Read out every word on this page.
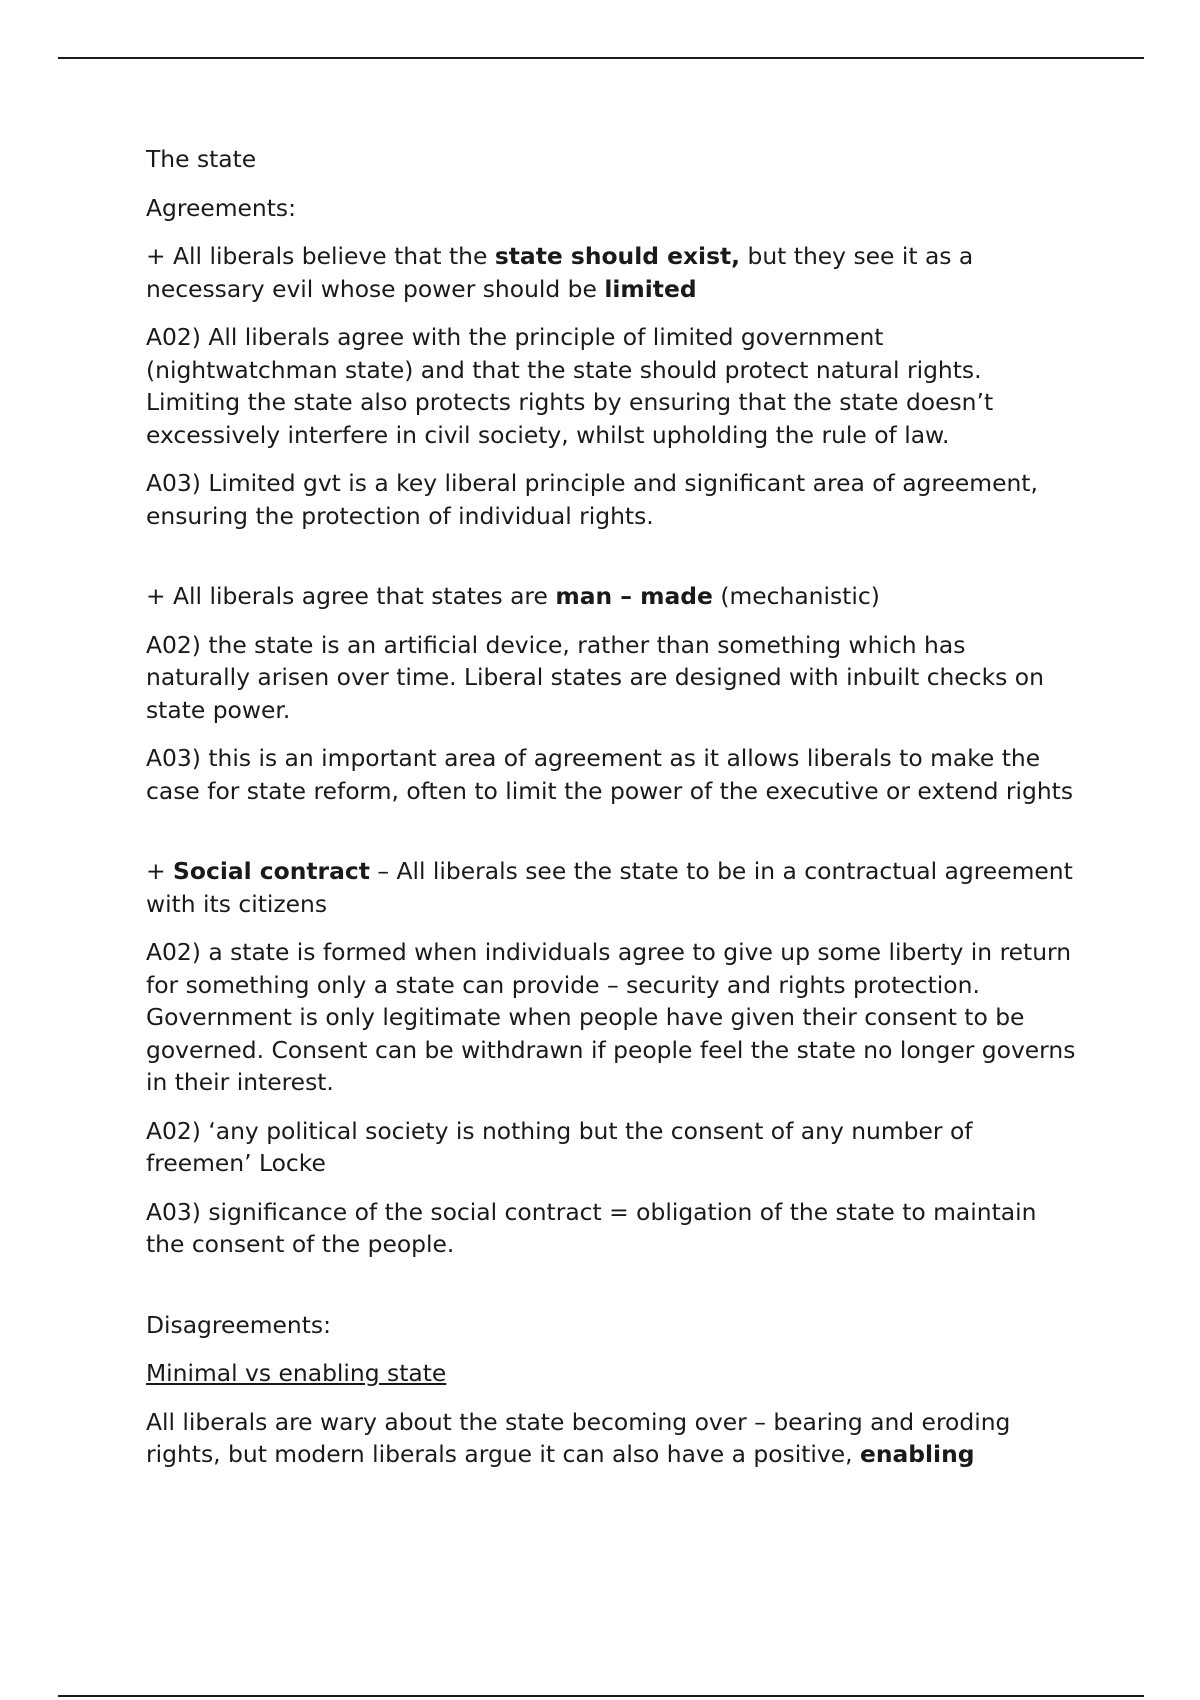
The state

Agreements:

+ All liberals believe that the state should exist, but they see it as a necessary evil whose power should be limited

A02) All liberals agree with the principle of limited government (nightwatchman state) and that the state should protect natural rights. Limiting the state also protects rights by ensuring that the state doesn’t excessively interfere in civil society, whilst upholding the rule of law.

A03) Limited gvt is a key liberal principle and significant area of agreement, ensuring the protection of individual rights.

+ All liberals agree that states are man – made (mechanistic)

A02) the state is an artificial device, rather than something which has naturally arisen over time. Liberal states are designed with inbuilt checks on state power.

A03) this is an important area of agreement as it allows liberals to make the case for state reform, often to limit the power of the executive or extend rights

+ Social contract – All liberals see the state to be in a contractual agreement with its citizens

A02) a state is formed when individuals agree to give up some liberty in return for something only a state can provide – security and rights protection. Government is only legitimate when people have given their consent to be governed. Consent can be withdrawn if people feel the state no longer governs in their interest.

A02) ‘any political society is nothing but the consent of any number of freemen’ Locke

A03) significance of the social contract = obligation of the state to maintain the consent of the people.

Disagreements:

Minimal vs enabling state

All liberals are wary about the state becoming over – bearing and eroding rights, but modern liberals argue it can also have a positive, enabling
